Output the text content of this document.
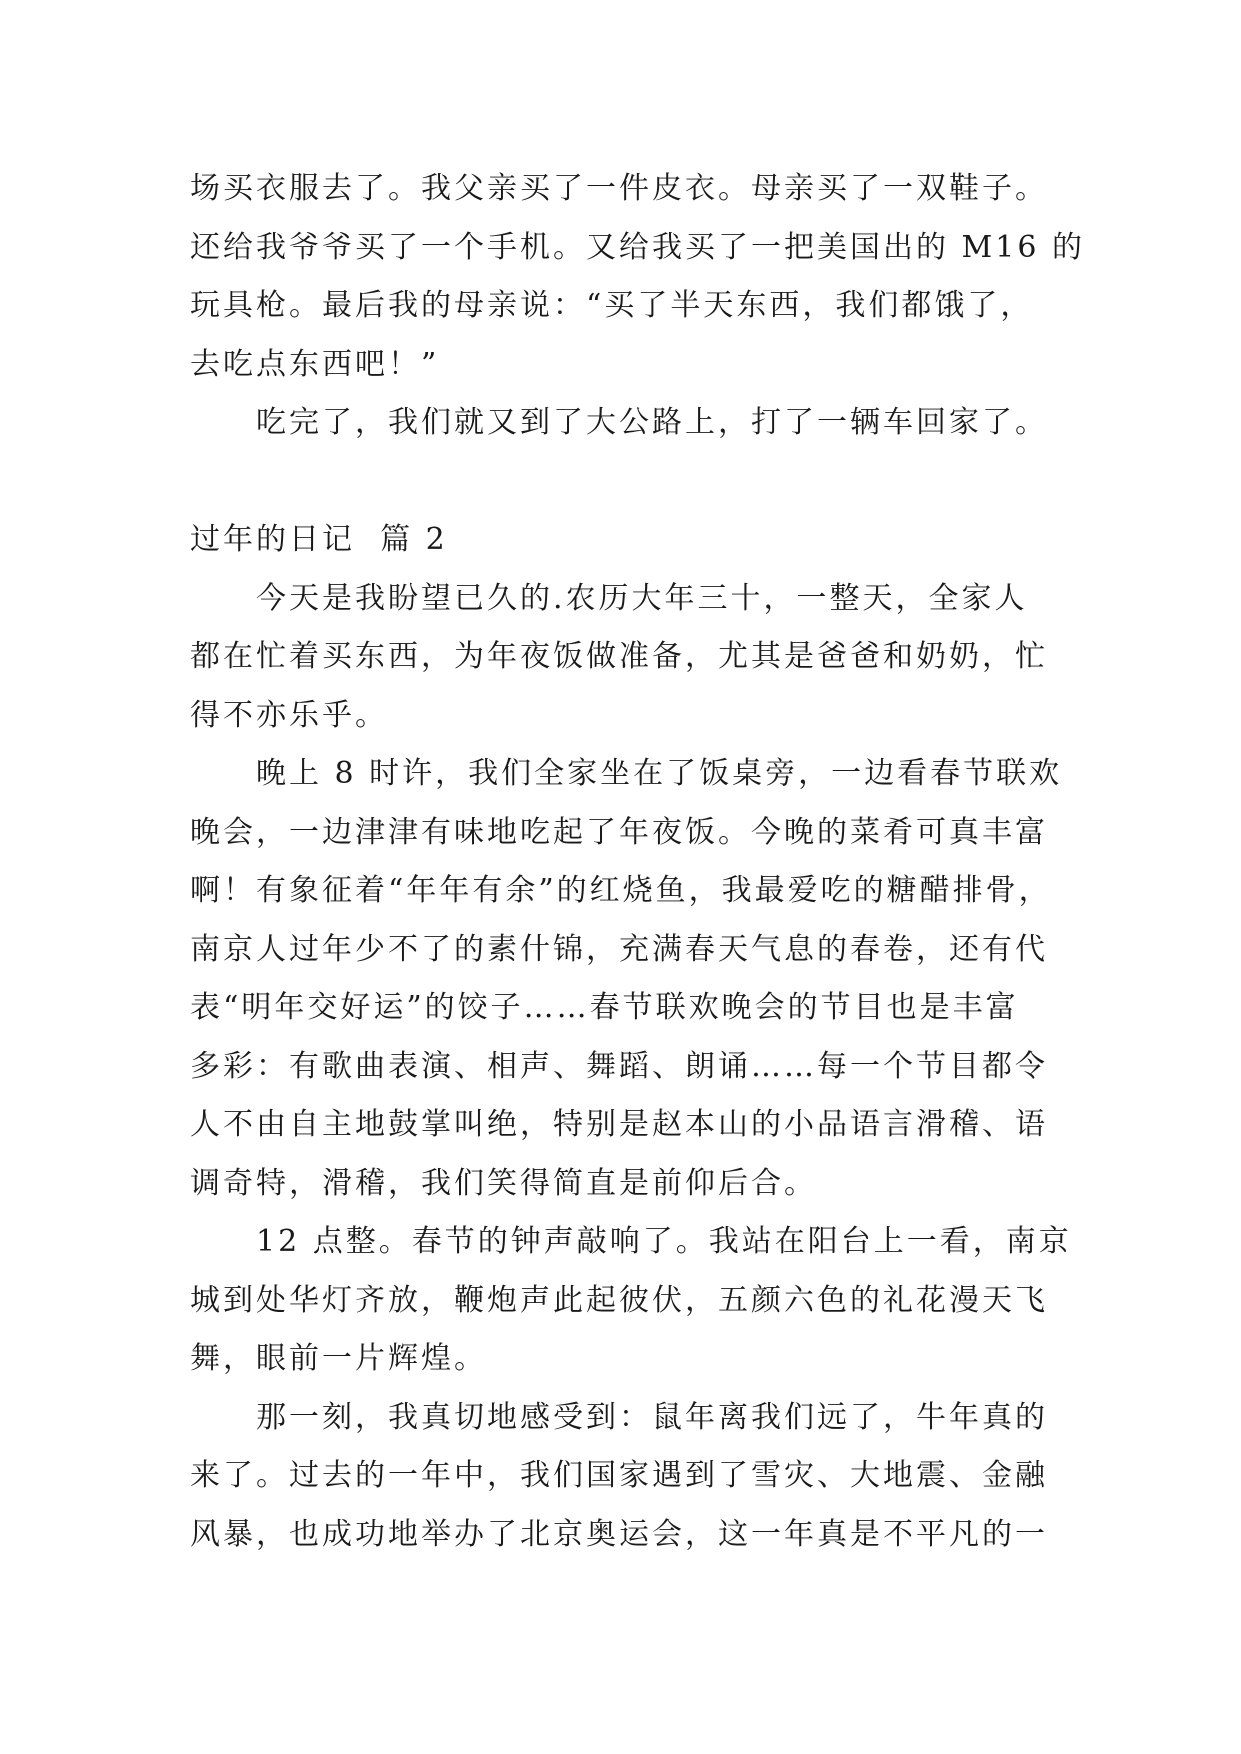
场买衣服去了。我父亲买了一件皮衣。母亲买了一双鞋子。
还给我爷爷买了一个手机。又给我买了一把美国出的 M16 的
玩具枪。最后我的母亲说：“买了半天东西，我们都饿了，
去吃点东西吧！”
吃完了，我们就又到了大公路上，打了一辆车回家了。
过年的日记  篇 2
今天是我盼望已久的.农历大年三十，一整天，全家人
都在忙着买东西，为年夜饭做准备，尤其是爸爸和奶奶，忙
得不亦乐乎。
晚上 8 时许，我们全家坐在了饭桌旁，一边看春节联欢
晚会，一边津津有味地吃起了年夜饭。今晚的菜肴可真丰富
啊！有象征着“年年有余”的红烧鱼，我最爱吃的糖醋排骨，
南京人过年少不了的素什锦，充满春天气息的春卷，还有代
表“明年交好运”的饺子……春节联欢晚会的节目也是丰富
多彩：有歌曲表演、相声、舞蹈、朗诵……每一个节目都令
人不由自主地鼓掌叫绝，特别是赵本山的小品语言滑稽、语
调奇特，滑稽，我们笑得简直是前仰后合。
12 点整。春节的钟声敲响了。我站在阳台上一看，南京
城到处华灯齐放，鞭炮声此起彼伏，五颜六色的礼花漫天飞
舞，眼前一片辉煌。
那一刻，我真切地感受到：鼠年离我们远了，牛年真的
来了。过去的一年中，我们国家遇到了雪灾、大地震、金融
风暴，也成功地举办了北京奥运会，这一年真是不平凡的一
